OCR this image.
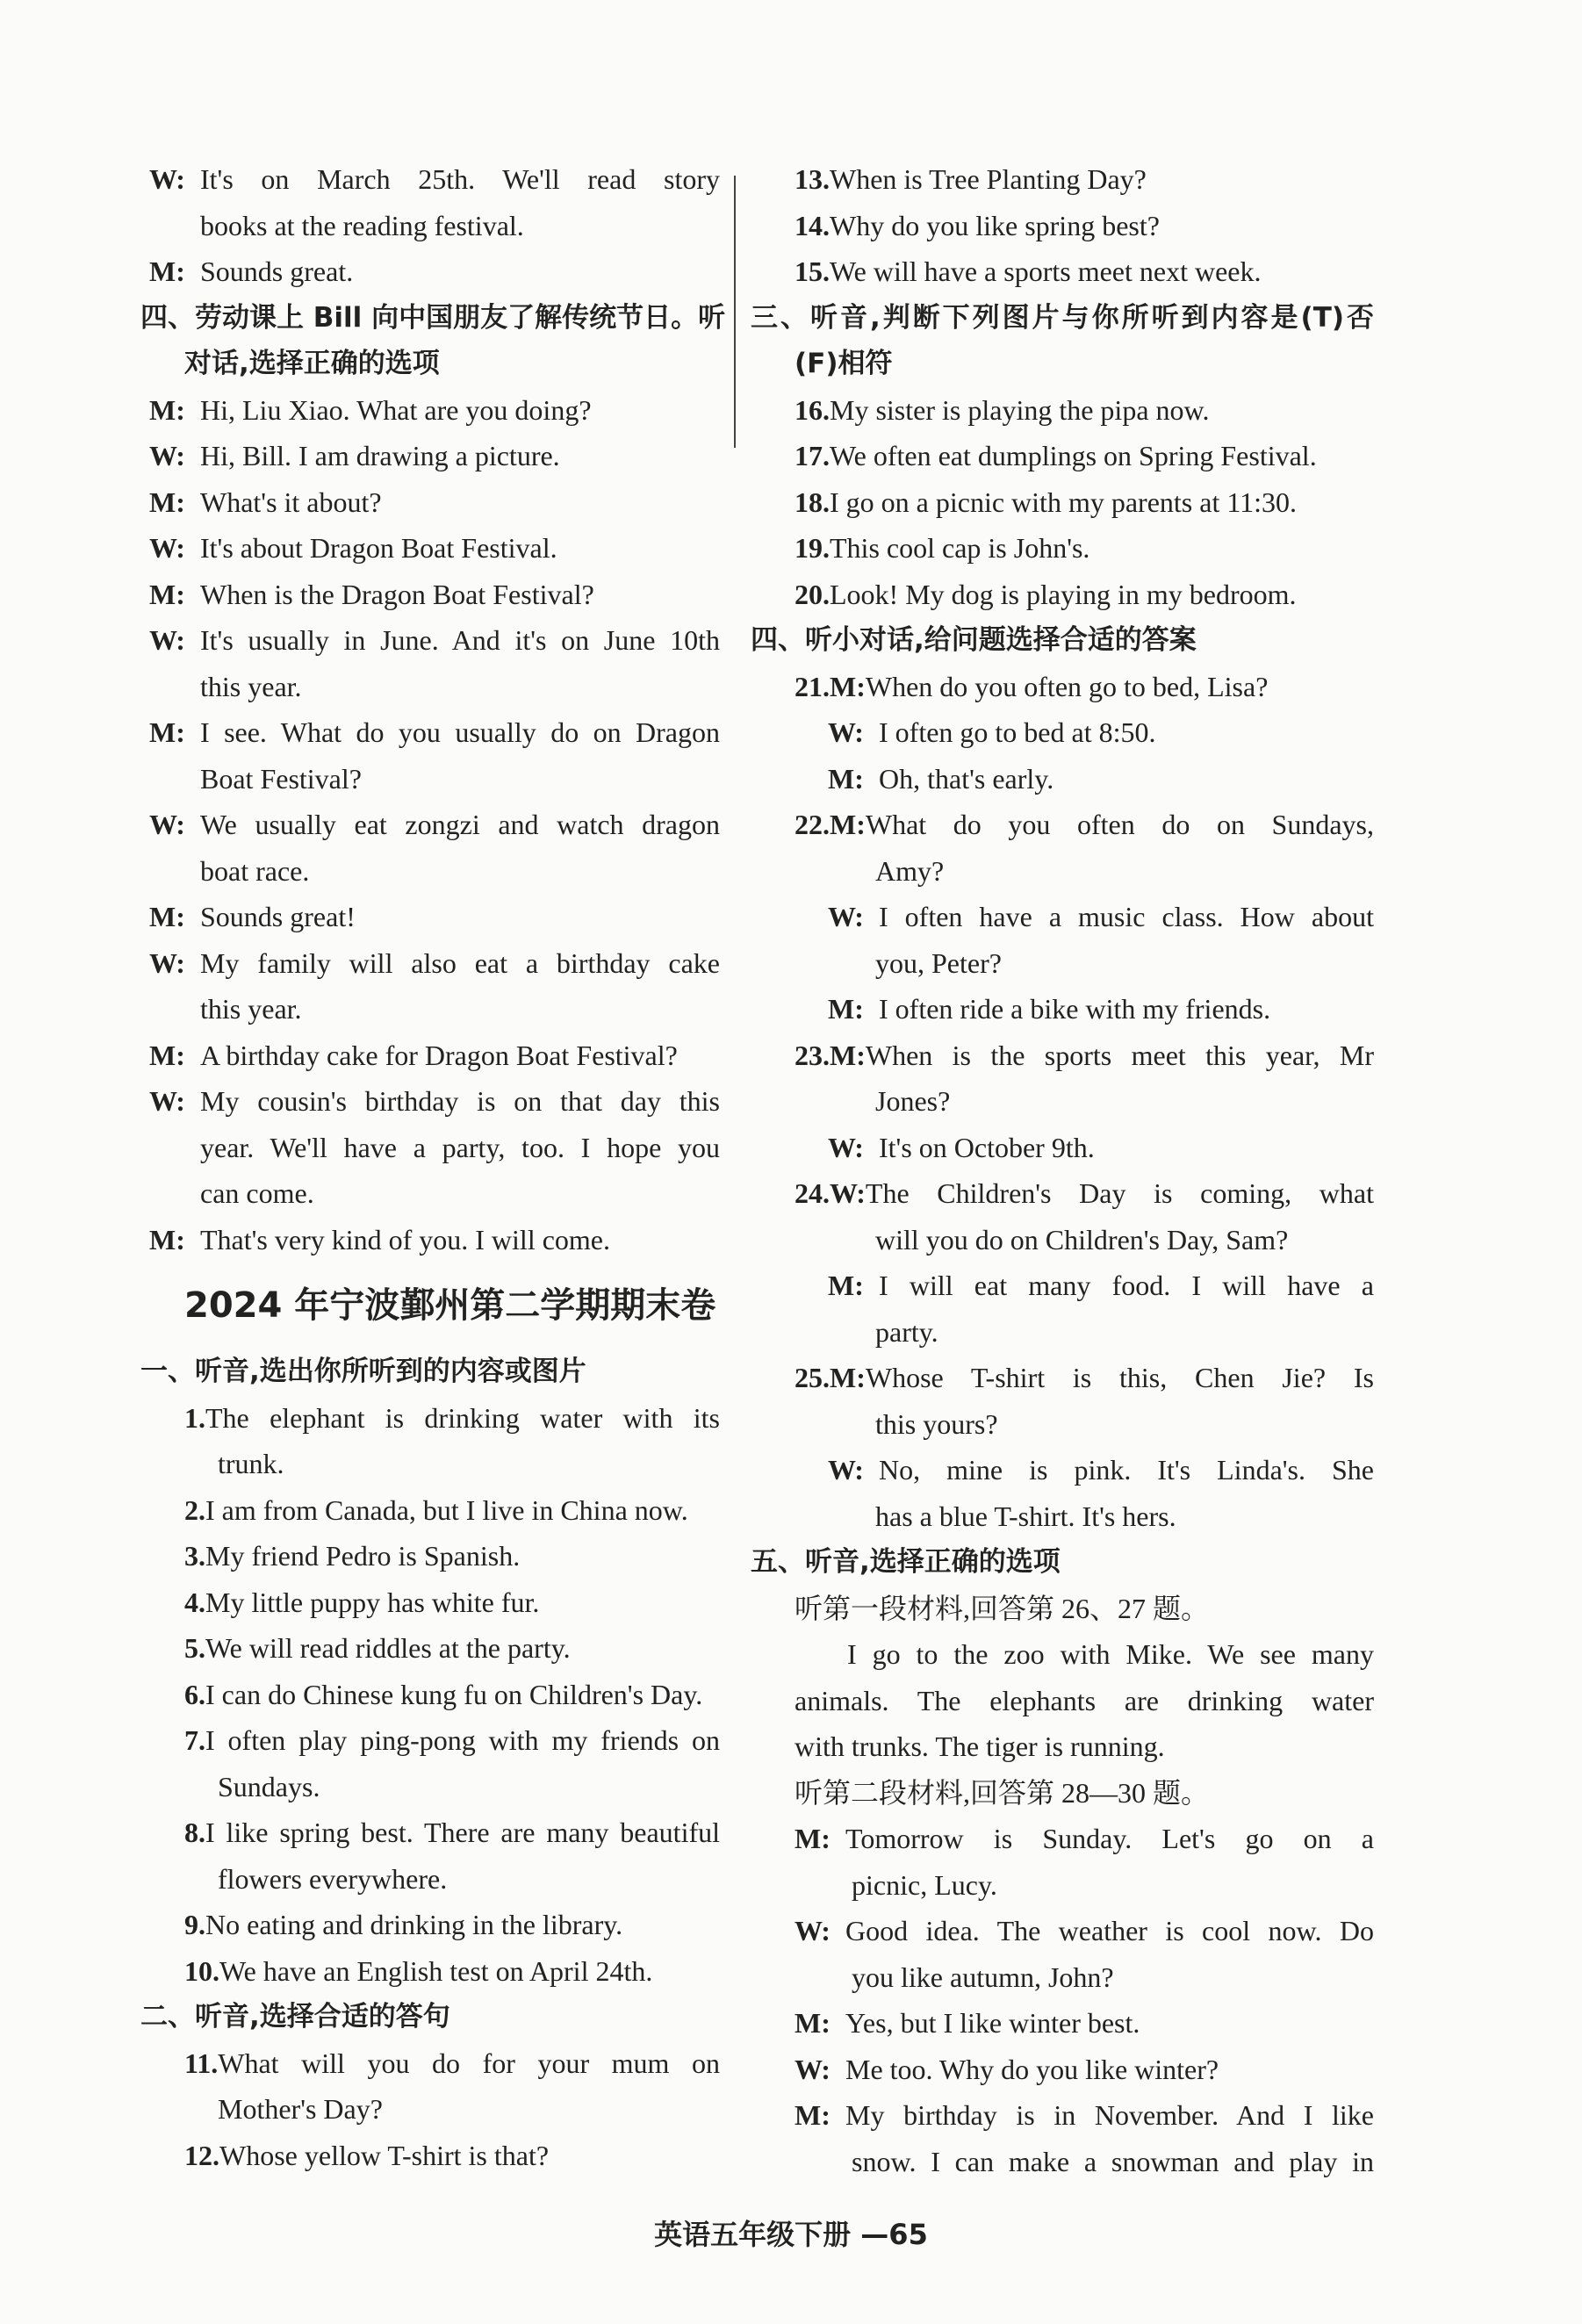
W: It's on March 25th. We'll read story
books at the reading festival.
M: Sounds great.
四、劳动课上 Bill 向中国朋友了解传统节日。听
对话,选择正确的选项
M: Hi, Liu Xiao. What are you doing?
W: Hi, Bill. I am drawing a picture.
M: What's it about?
W: It's about Dragon Boat Festival.
M: When is the Dragon Boat Festival?
W: It's usually in June. And it's on June 10th
this year.
M: I see. What do you usually do on Dragon
Boat Festival?
W: We usually eat zongzi and watch dragon
boat race.
M: Sounds great!
W: My family will also eat a birthday cake
this year.
M: A birthday cake for Dragon Boat Festival?
W: My cousin's birthday is on that day this
year. We'll have a party, too. I hope you
can come.
M: That's very kind of you. I will come.
2024 年宁波鄞州第二学期期末卷
一、听音,选出你所听到的内容或图片
1.The elephant is drinking water with its
trunk.
2.I am from Canada, but I live in China now.
3.My friend Pedro is Spanish.
4.My little puppy has white fur.
5.We will read riddles at the party.
6.I can do Chinese kung fu on Children's Day.
7.I often play ping-pong with my friends on
Sundays.
8.I like spring best. There are many beautiful
flowers everywhere.
9.No eating and drinking in the library.
10.We have an English test on April 24th.
二、听音,选择合适的答句
11.What will you do for your mum on
Mother's Day?
12.Whose yellow T-shirt is that?
13.When is Tree Planting Day?
14.Why do you like spring best?
15.We will have a sports meet next week.
三、听音,判断下列图片与你所听到内容是(T)否
(F)相符
16.My sister is playing the pipa now.
17.We often eat dumplings on Spring Festival.
18.I go on a picnic with my parents at 11:30.
19.This cool cap is John's.
20.Look! My dog is playing in my bedroom.
四、听小对话,给问题选择合适的答案
21.M:When do you often go to bed, Lisa?
W: I often go to bed at 8:50.
M: Oh, that's early.
22.M:What do you often do on Sundays,
Amy?
W: I often have a music class. How about
you, Peter?
M: I often ride a bike with my friends.
23.M:When is the sports meet this year, Mr
Jones?
W: It's on October 9th.
24.W:The Children's Day is coming, what
will you do on Children's Day, Sam?
M: I will eat many food. I will have a
party.
25.M:Whose T-shirt is this, Chen Jie? Is
this yours?
W: No, mine is pink. It's Linda's. She
has a blue T-shirt. It's hers.
五、听音,选择正确的选项
听第一段材料,回答第 26、27 题。
I go to the zoo with Mike. We see many
animals. The elephants are drinking water
with trunks. The tiger is running.
听第二段材料,回答第 28—30 题。
M: Tomorrow is Sunday. Let's go on a
picnic, Lucy.
W: Good idea. The weather is cool now. Do
you like autumn, John?
M: Yes, but I like winter best.
W: Me too. Why do you like winter?
M: My birthday is in November. And I like
snow. I can make a snowman and play in
英语五年级下册 —65
